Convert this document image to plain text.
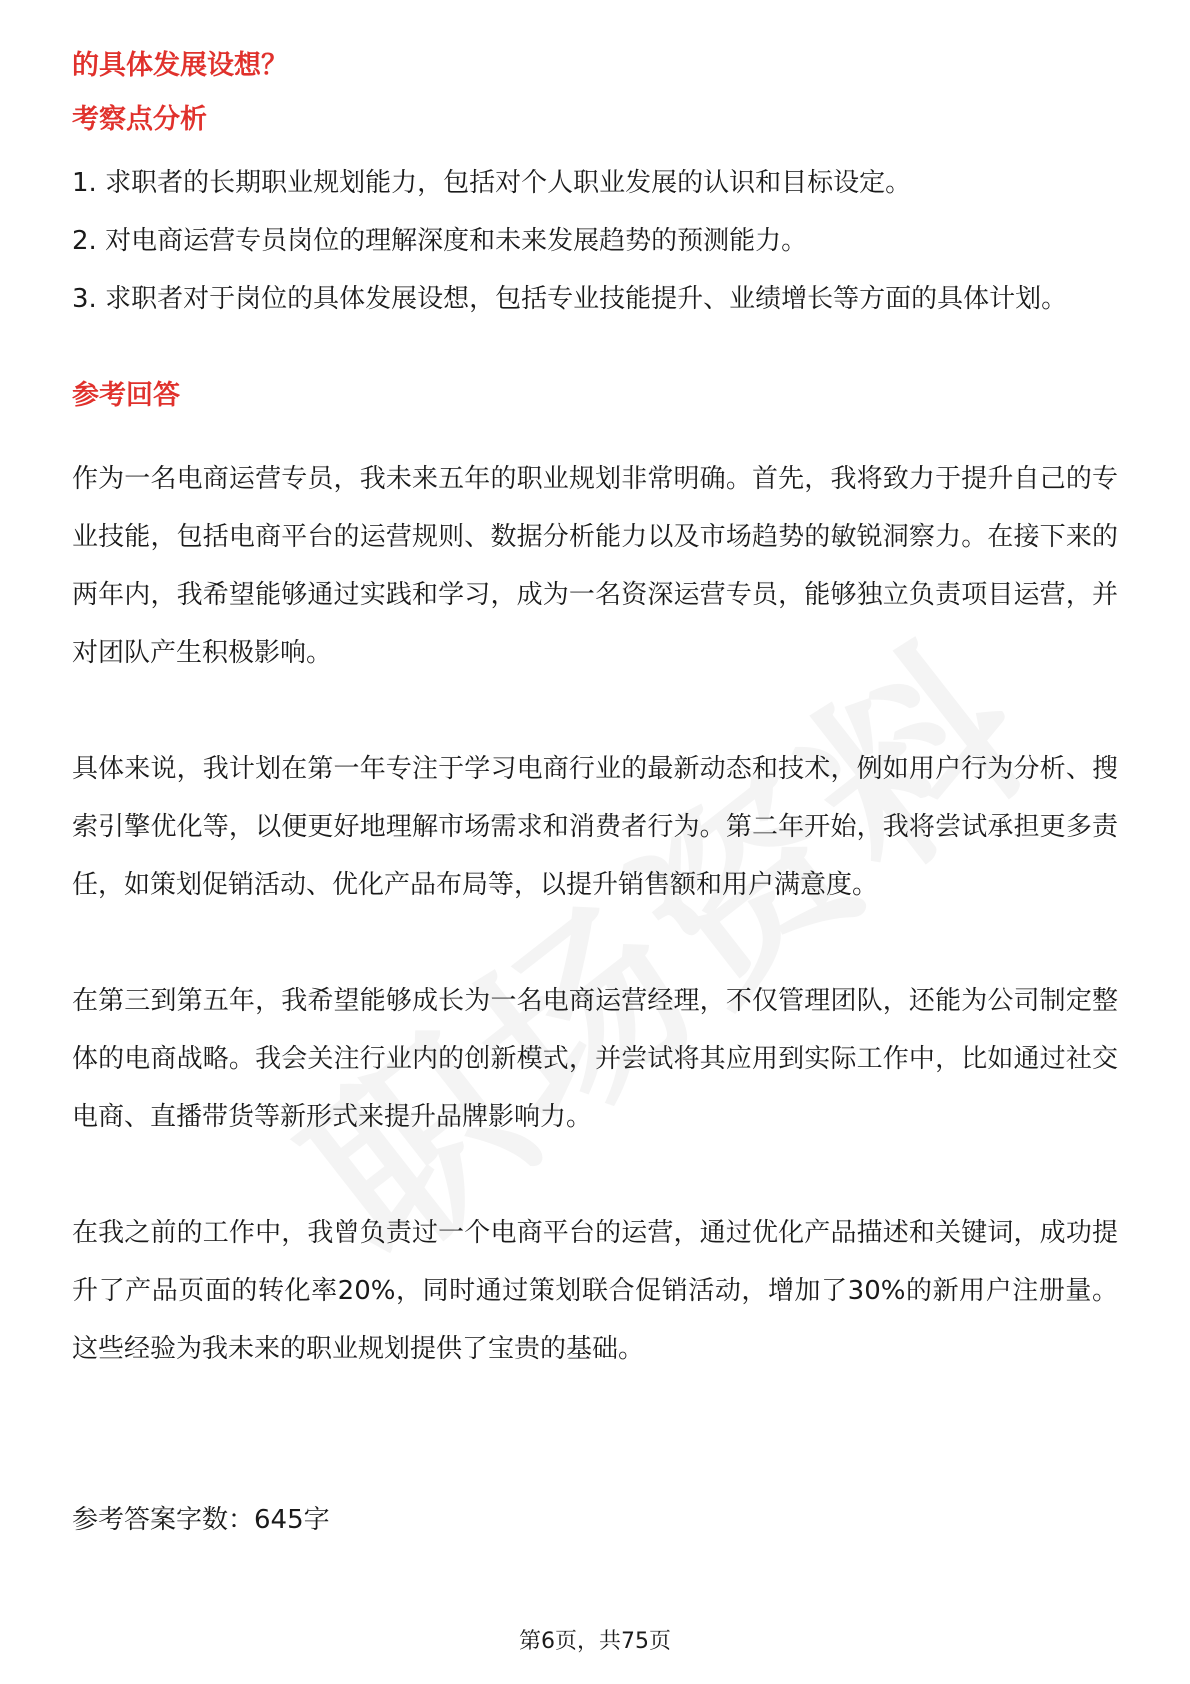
的具体发展设想？
考察点分析
1. 求职者的长期职业规划能力，包括对个人职业发展的认识和目标设定。
2. 对电商运营专员岗位的理解深度和未来发展趋势的预测能力。
3. 求职者对于岗位的具体发展设想，包括专业技能提升、业绩增长等方面的具体计划。
参考回答

作为一名电商运营专员，我未来五年的职业规划非常明确。首先，我将致力于提升自己的专业技能，包括电商平台的运营规则、数据分析能力以及市场趋势的敏锐洞察力。在接下来的两年内，我希望能够通过实践和学习，成为一名资深运营专员，能够独立负责项目运营，并对团队产生积极影响。

具体来说，我计划在第一年专注于学习电商行业的最新动态和技术，例如用户行为分析、搜索引擎优化等，以便更好地理解市场需求和消费者行为。第二年开始，我将尝试承担更多责任，如策划促销活动、优化产品布局等，以提升销售额和用户满意度。

在第三到第五年，我希望能够成长为一名电商运营经理，不仅管理团队，还能为公司制定整体的电商战略。我会关注行业内的创新模式，并尝试将其应用到实际工作中，比如通过社交电商、直播带货等新形式来提升品牌影响力。

在我之前的工作中，我曾负责过一个电商平台的运营，通过优化产品描述和关键词，成功提升了产品页面的转化率20%，同时通过策划联合促销活动，增加了30%的新用户注册量。这些经验为我未来的职业规划提供了宝贵的基础。

参考答案字数：645字
第6页，共75页
